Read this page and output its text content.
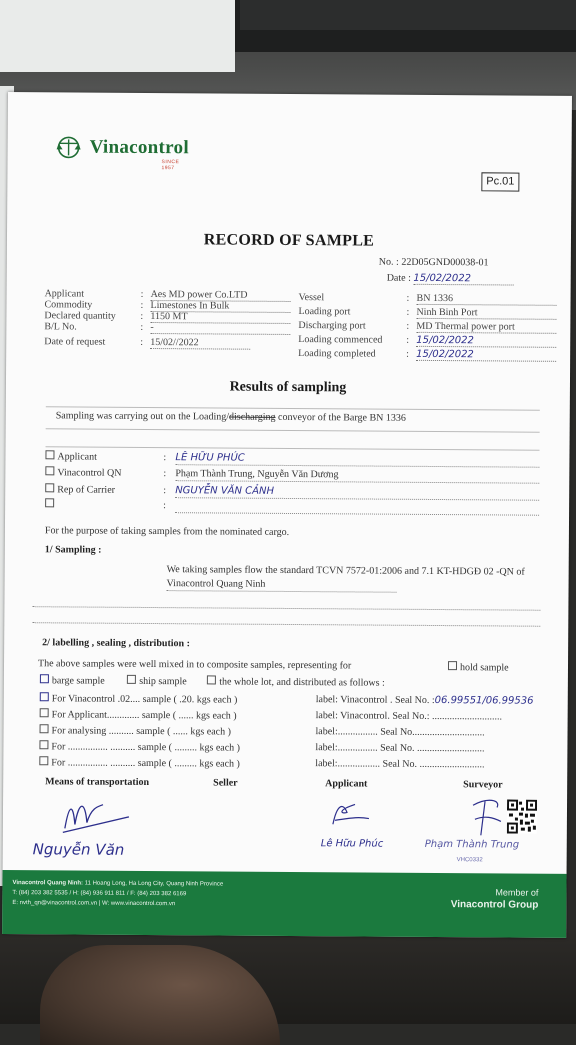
Vinacontrol
SINCE 1957
Pc.01
RECORD OF SAMPLE
No. : 22D05GND00038-01
Date : 15/02/2022
Applicant	: Aes MD power Co.LTD
Commodity	: Limestones In Bulk
Declared quantity : 1150 MT
B/L No.	: -
Date of request	: 15/02//2022
Vessel	: BN 1336
Loading port	: Ninh Binh Port
Discharging port	: MD Thermal power port
Loading commenced : 15/02/2022
Loading completed	: 15/02/2022
Results of sampling
Sampling was carrying out on the Loading/discharging conveyor of the Barge BN 1336
Applicant	: LÊ HỮU PHÚC
Vinacontrol QN	: Phạm Thành Trung, Nguyễn Văn Dương
Rep of Carrier	: NGUYỄN VĂN CẢNH
:
For the purpose of taking samples from the nominated cargo.
1/ Sampling :
We taking samples flow the standard TCVN 7572-01:2006 and 7.1 KT-HDGĐ 02 -QN of Vinacontrol Quang Ninh
2/ labelling , sealing , distribution :
The above samples were well mixed in to composite samples, representing for	hold sample
barge sample	ship sample	the whole lot, and distributed as follows :
For Vinacontrol .02.... sample ( .20. kgs each )	label: Vinacontrol . Seal No. :06.99551/06.99536
For Applicant............. sample ( ...... kgs each )	label: Vinacontrol. Seal No.: ............................
For analysing .......... sample ( ...... kgs each )	label:................ Seal No.............................
For ................ .......... sample ( ......... kgs each )	label:................ Seal No. ...........................
For ................ .......... sample ( ......... kgs each )	label:................. Seal No. ..........................
Means of transportation	Seller	Applicant	Surveyor
Nguyễn Văn	Lê Hữu Phúc	Phạm Thành Trung
VHC0332
Vinacontrol Quang Ninh: 11 Hoang Long, Ha Long City, Quang Ninh Province
T: (84) 203 382 5535 / H: (84) 936 911 811 / F: (84) 203 382 6169
E: nvth_qn@vinacontrol.com.vn | W: www.vinacontrol.com.vn
Member of
Vinacontrol Group
